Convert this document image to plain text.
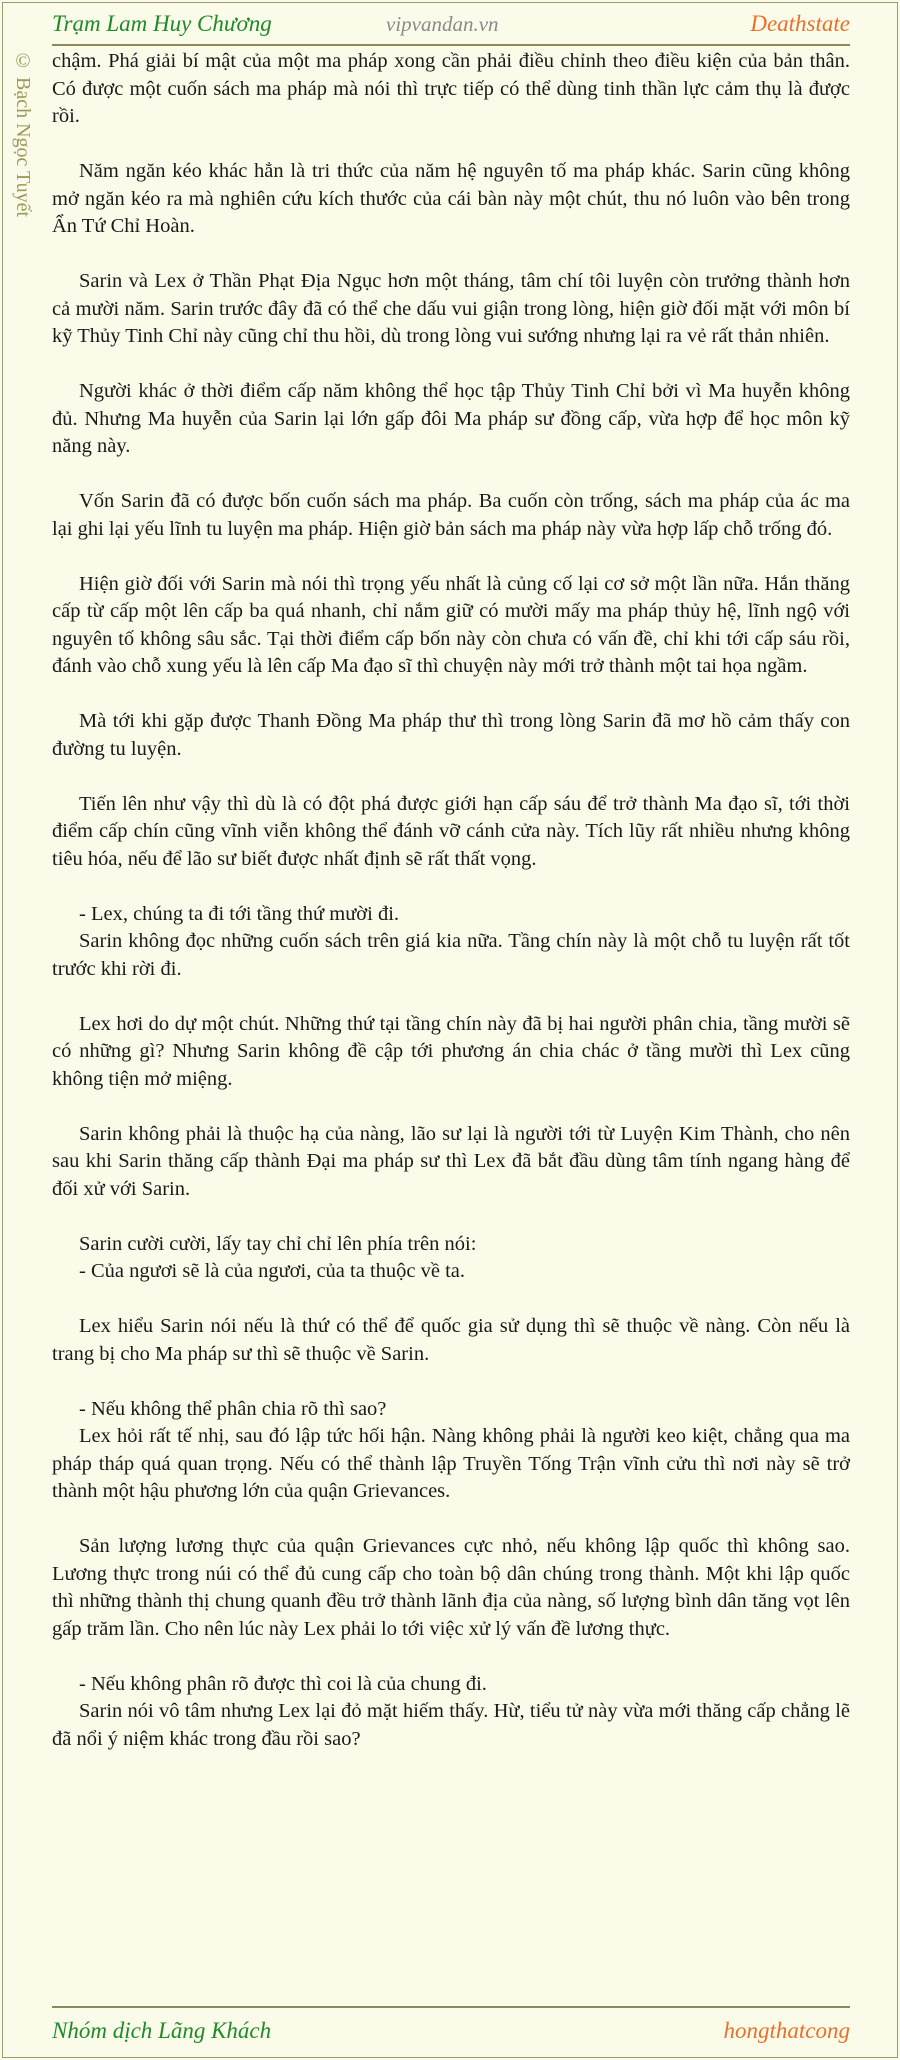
Trạm Lam Huy Chương	vipvandan.vn	Deathstate
© Bạch Ngọc Tuyết chậm. Phá giải bí mật của một ma pháp xong cần phải điều chỉnh theo điều kiện của bản thân. Có được một cuốn sách ma pháp mà nói thì trực tiếp có thể dùng tinh thần lực cảm thụ là được rồi.

Năm ngăn kéo khác hẳn là tri thức của năm hệ nguyên tố ma pháp khác. Sarin cũng không mở ngăn kéo ra mà nghiên cứu kích thước của cái bàn này một chút, thu nó luôn vào bên trong Ẩn Tứ Chỉ Hoàn.

Sarin và Lex ở Thần Phạt Địa Ngục hơn một tháng, tâm chí tôi luyện còn trưởng thành hơn cả mười năm. Sarin trước đây đã có thể che dấu vui giận trong lòng, hiện giờ đối mặt với môn bí kỹ Thủy Tinh Chỉ này cũng chỉ thu hồi, dù trong lòng vui sướng nhưng lại ra vẻ rất thản nhiên.

Người khác ở thời điểm cấp năm không thể học tập Thủy Tinh Chỉ bởi vì Ma huyễn không đủ. Nhưng Ma huyễn của Sarin lại lớn gấp đôi Ma pháp sư đồng cấp, vừa hợp để học môn kỹ năng này.

Vốn Sarin đã có được bốn cuốn sách ma pháp. Ba cuốn còn trống, sách ma pháp của ác ma lại ghi lại yếu lĩnh tu luyện ma pháp. Hiện giờ bản sách ma pháp này vừa hợp lấp chỗ trống đó.

Hiện giờ đối với Sarin mà nói thì trọng yếu nhất là củng cố lại cơ sở một lần nữa. Hắn thăng cấp từ cấp một lên cấp ba quá nhanh, chỉ nắm giữ có mười mấy ma pháp thủy hệ, lĩnh ngộ với nguyên tố không sâu sắc. Tại thời điểm cấp bốn này còn chưa có vấn đề, chỉ khi tới cấp sáu rồi, đánh vào chỗ xung yếu là lên cấp Ma đạo sĩ thì chuyện này mới trở thành một tai họa ngầm.

Mà tới khi gặp được Thanh Đồng Ma pháp thư thì trong lòng Sarin đã mơ hồ cảm thấy con đường tu luyện.

Tiến lên như vậy thì dù là có đột phá được giới hạn cấp sáu để trở thành Ma đạo sĩ, tới thời điểm cấp chín cũng vĩnh viễn không thể đánh vỡ cánh cửa này. Tích lũy rất nhiều nhưng không tiêu hóa, nếu để lão sư biết được nhất định sẽ rất thất vọng.

- Lex, chúng ta đi tới tầng thứ mười đi.

Sarin không đọc những cuốn sách trên giá kia nữa. Tầng chín này là một chỗ tu luyện rất tốt trước khi rời đi.

Lex hơi do dự một chút. Những thứ tại tầng chín này đã bị hai người phân chia, tầng mười sẽ có những gì? Nhưng Sarin không đề cập tới phương án chia chác ở tầng mười thì Lex cũng không tiện mở miệng.

Sarin không phải là thuộc hạ của nàng, lão sư lại là người tới từ Luyện Kim Thành, cho nên sau khi Sarin thăng cấp thành Đại ma pháp sư thì Lex đã bắt đầu dùng tâm tính ngang hàng để đối xử với Sarin.

Sarin cười cười, lấy tay chỉ chỉ lên phía trên nói:

- Của ngươi sẽ là của ngươi, của ta thuộc về ta.

Lex hiểu Sarin nói nếu là thứ có thể để quốc gia sử dụng thì sẽ thuộc về nàng. Còn nếu là trang bị cho Ma pháp sư thì sẽ thuộc về Sarin.

- Nếu không thể phân chia rõ thì sao?

Lex hỏi rất tế nhị, sau đó lập tức hối hận. Nàng không phải là người keo kiệt, chẳng qua ma pháp tháp quá quan trọng. Nếu có thể thành lập Truyền Tống Trận vĩnh cửu thì nơi này sẽ trở thành một hậu phương lớn của quận Grievances.

Sản lượng lương thực của quận Grievances cực nhỏ, nếu không lập quốc thì không sao. Lương thực trong núi có thể đủ cung cấp cho toàn bộ dân chúng trong thành. Một khi lập quốc thì những thành thị chung quanh đều trở thành lãnh địa của nàng, số lượng bình dân tăng vọt lên gấp trăm lần. Cho nên lúc này Lex phải lo tới việc xử lý vấn đề lương thực.

- Nếu không phân rõ được thì coi là của chung đi.

Sarin nói vô tâm nhưng Lex lại đỏ mặt hiếm thấy. Hừ, tiểu tử này vừa mới thăng cấp chẳng lẽ đã nổi ý niệm khác trong đầu rồi sao?

Nhóm dịch Lãng Khách	hongthatcong
